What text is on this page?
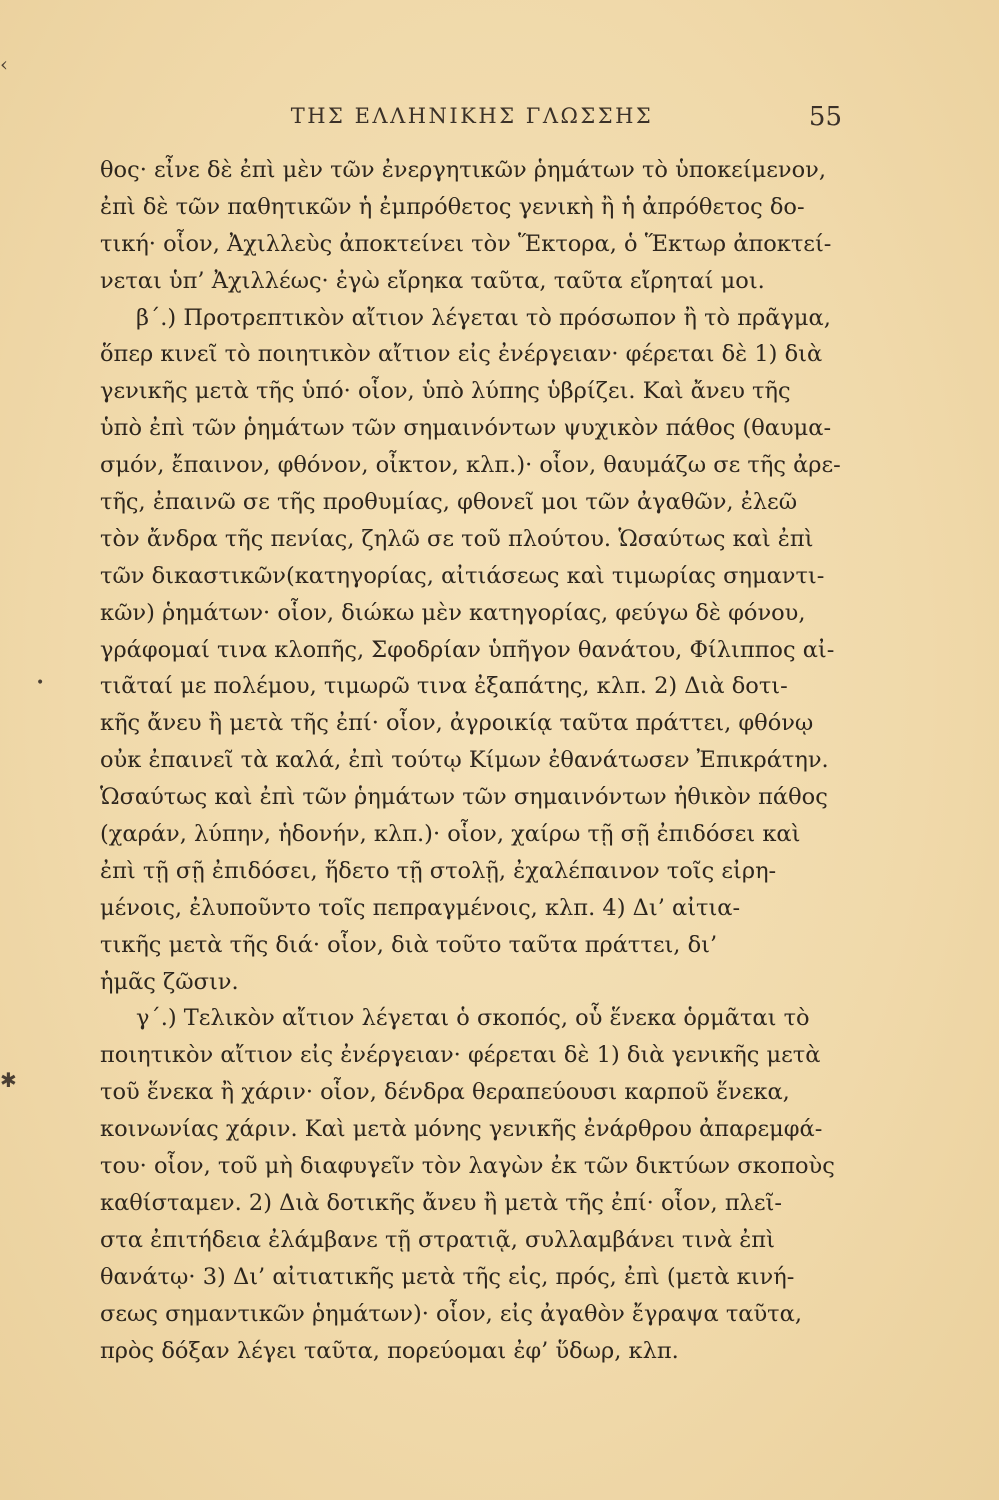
ΤΗΣ ΕΛΛΗΝΙΚΗΣ ΓΛΩΣΣΗΣ	55
‹
✱
•
θος· εἶνε δὲ ἐπὶ μὲν τῶν ἐνεργητικῶν ῥημάτων τὸ ὑποκείμενον,
ἐπὶ δὲ τῶν παθητικῶν ἡ ἐμπρόθετος γενικὴ ἢ ἡ ἀπρόθετος δο-
τική· οἷον, Ἀχιλλεὺς ἀποκτείνει τὸν Ἕκτορα, ὁ Ἕκτωρ ἀποκτεί-
νεται ὑπ’ Ἀχιλλέως· ἐγὼ εἴρηκα ταῦτα, ταῦτα εἴρηταί μοι.
β΄.) Προτρεπτικὸν αἴτιον λέγεται τὸ πρόσωπον ἢ τὸ πρᾶγμα,
ὅπερ κινεῖ τὸ ποιητικὸν αἴτιον εἰς ἐνέργειαν· φέρεται δὲ 1) διὰ
γενικῆς μετὰ τῆς ὑπό· οἷον, ὑπὸ λύπης ὑβρίζει. Καὶ ἄνευ τῆς
ὑπὸ ἐπὶ τῶν ῥημάτων τῶν σημαινόντων ψυχικὸν πάθος (θαυμα-
σμόν, ἔπαινον, φθόνον, οἶκτον, κλπ.)· οἷον, θαυμάζω σε τῆς ἀρε-
τῆς, ἐπαινῶ σε τῆς προθυμίας, φθονεῖ μοι τῶν ἀγαθῶν, ἐλεῶ
τὸν ἄνδρα τῆς πενίας, ζηλῶ σε τοῦ πλούτου. Ὡσαύτως καὶ ἐπὶ
τῶν δικαστικῶν(κατηγορίας, αἰτιάσεως καὶ τιμωρίας σημαντι-
κῶν) ῥημάτων· οἷον, διώκω μὲν κατηγορίας, φεύγω δὲ φόνου,
γράφομαί τινα κλοπῆς, Σφοδρίαν ὑπῆγον θανάτου, Φίλιππος αἰ-
τιᾶταί με πολέμου, τιμωρῶ τινα ἐξαπάτης, κλπ. 2) Διὰ δοτι-
κῆς ἄνευ ἢ μετὰ τῆς ἐπί· οἷον, ἀγροικίᾳ ταῦτα πράττει, φθόνῳ
οὐκ ἐπαινεῖ τὰ καλά, ἐπὶ τούτῳ Κίμων ἐθανάτωσεν Ἐπικράτην.
Ὡσαύτως καὶ ἐπὶ τῶν ῥημάτων τῶν σημαινόντων ἠθικὸν πάθος
(χαράν, λύπην, ἡδονήν, κλπ.)· οἷον, χαίρω τῇ σῇ ἐπιδόσει καὶ
ἐπὶ τῇ σῇ ἐπιδόσει, ἥδετο τῇ στολῇ, ἐχαλέπαινον τοῖς εἰρη-
μένοις, ἐλυποῦντο τοῖς πεπραγμένοις, κλπ. 4) Δι’ αἰτια-
τικῆς μετὰ τῆς διά· οἷον, διὰ τοῦτο ταῦτα πράττει, δι’
ἡμᾶς ζῶσιν.
γ΄.) Τελικὸν αἴτιον λέγεται ὁ σκοπός, οὗ ἕνεκα ὁρμᾶται τὸ
ποιητικὸν αἴτιον εἰς ἐνέργειαν· φέρεται δὲ 1) διὰ γενικῆς μετὰ
τοῦ ἕνεκα ἢ χάριν· οἷον, δένδρα θεραπεύουσι καρποῦ ἕνεκα,
κοινωνίας χάριν. Καὶ μετὰ μόνης γενικῆς ἐνάρθρου ἀπαρεμφά-
του· οἷον, τοῦ μὴ διαφυγεῖν τὸν λαγὼν ἐκ τῶν δικτύων σκοποὺς
καθίσταμεν. 2) Διὰ δοτικῆς ἄνευ ἢ μετὰ τῆς ἐπί· οἷον, πλεῖ-
στα ἐπιτήδεια ἐλάμβανε τῇ στρατιᾷ, συλλαμβάνει τινὰ ἐπὶ
θανάτῳ· 3) Δι’ αἰτιατικῆς μετὰ τῆς εἰς, πρός, ἐπὶ (μετὰ κινή-
σεως σημαντικῶν ῥημάτων)· οἷον, εἰς ἀγαθὸν ἔγραψα ταῦτα,
πρὸς δόξαν λέγει ταῦτα, πορεύομαι ἐφ’ ὕδωρ, κλπ.
